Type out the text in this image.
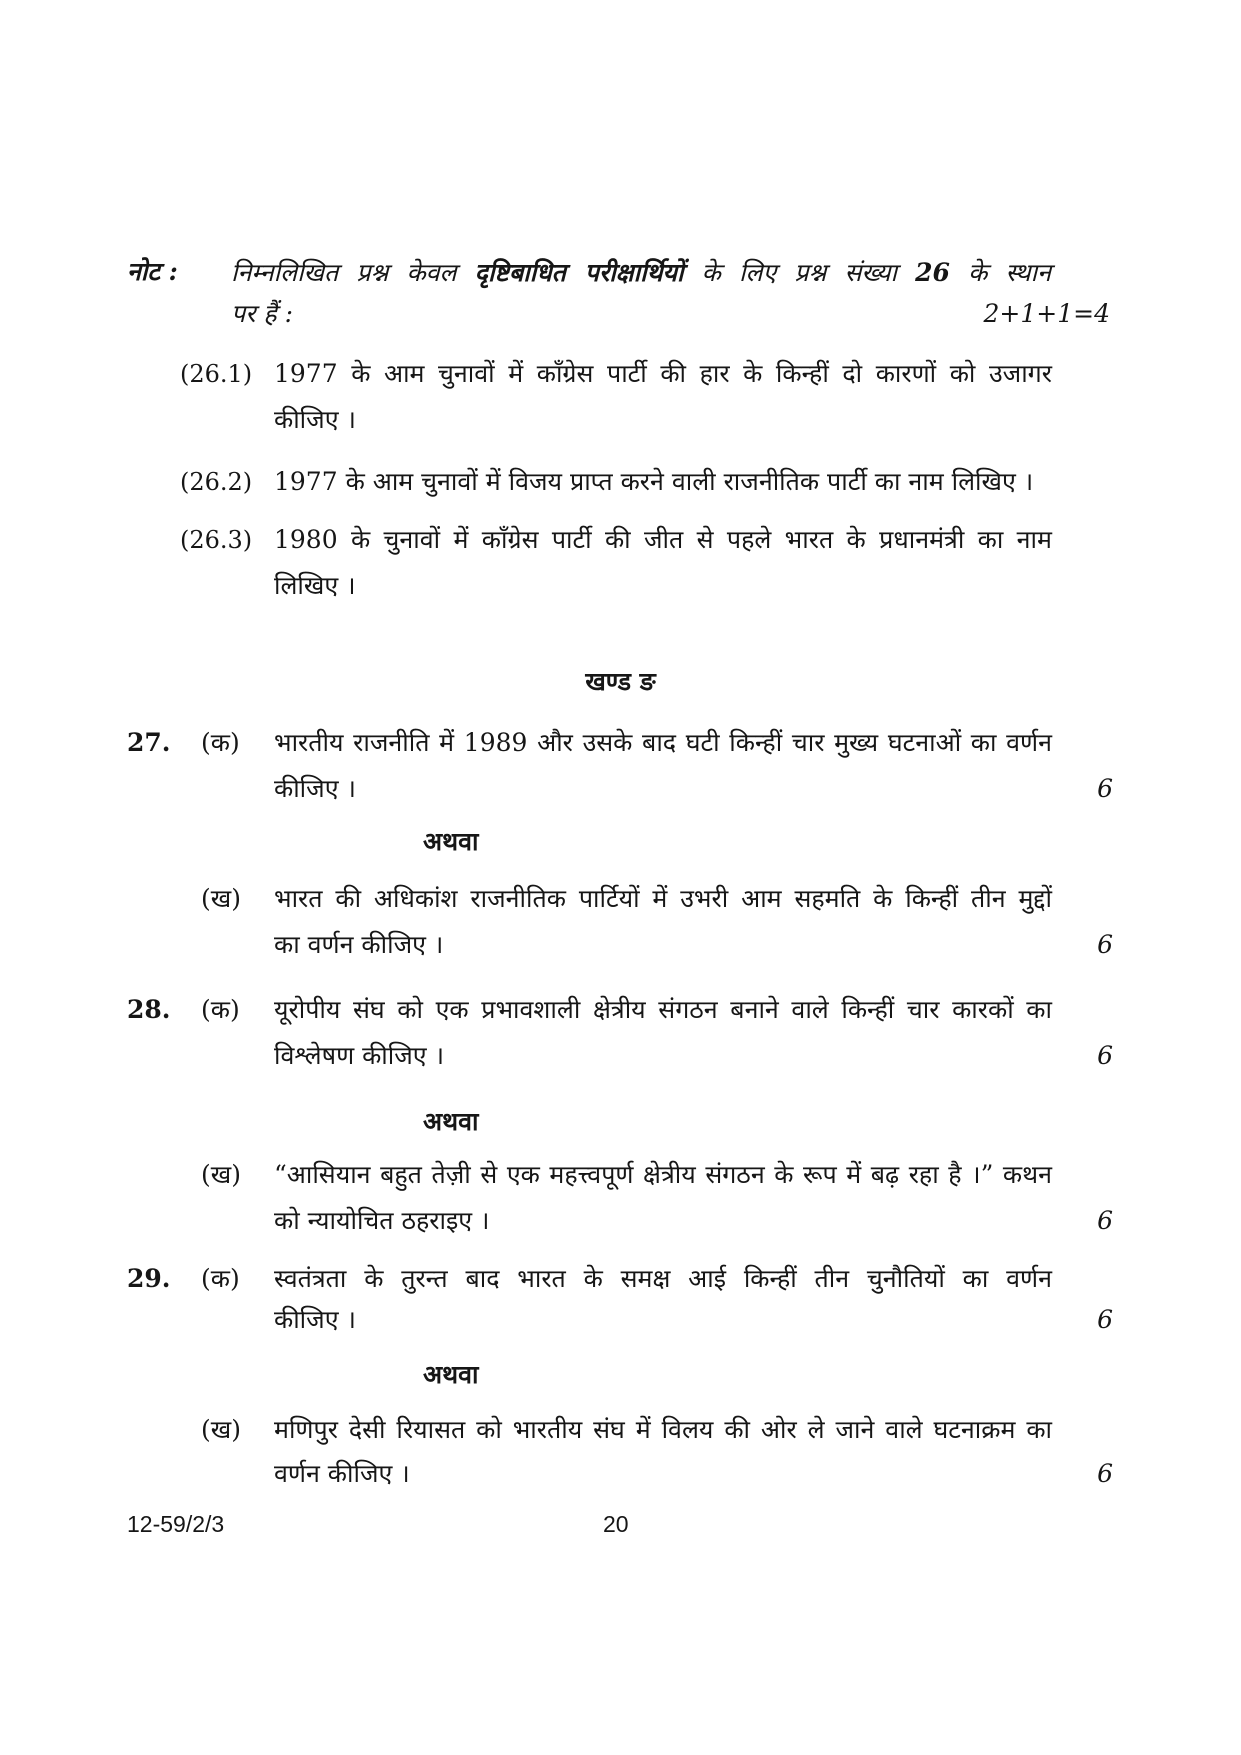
नोट : निम्नलिखित प्रश्न केवल दृष्टिबाधित परीक्षार्थियों के लिए प्रश्न संख्या 26 के स्थान
पर हैं :	2+1+1=4
(26.1) 1977 के आम चुनावों में काँग्रेस पार्टी की हार के किन्हीं दो कारणों को उजागर
कीजिए ।
(26.2) 1977 के आम चुनावों में विजय प्राप्त करने वाली राजनीतिक पार्टी का नाम लिखिए ।
(26.3) 1980 के चुनावों में काँग्रेस पार्टी की जीत से पहले भारत के प्रधानमंत्री का नाम
लिखिए ।
खण्ड ङ
27. (क) भारतीय राजनीति में 1989 और उसके बाद घटी किन्हीं चार मुख्य घटनाओं का वर्णन
कीजिए ।	6
अथवा
(ख) भारत की अधिकांश राजनीतिक पार्टियों में उभरी आम सहमति के किन्हीं तीन मुद्दों
का वर्णन कीजिए ।	6
28. (क) यूरोपीय संघ को एक प्रभावशाली क्षेत्रीय संगठन बनाने वाले किन्हीं चार कारकों का
विश्लेषण कीजिए ।	6
अथवा
(ख) “आसियान बहुत तेज़ी से एक महत्त्वपूर्ण क्षेत्रीय संगठन के रूप में बढ़ रहा है ।” कथन
को न्यायोचित ठहराइए ।	6
29. (क) स्वतंत्रता के तुरन्त बाद भारत के समक्ष आई किन्हीं तीन चुनौतियों का वर्णन
कीजिए ।	6
अथवा
(ख) मणिपुर देसी रियासत को भारतीय संघ में विलय की ओर ले जाने वाले घटनाक्रम का
वर्णन कीजिए ।	6
12-59/2/3	20
